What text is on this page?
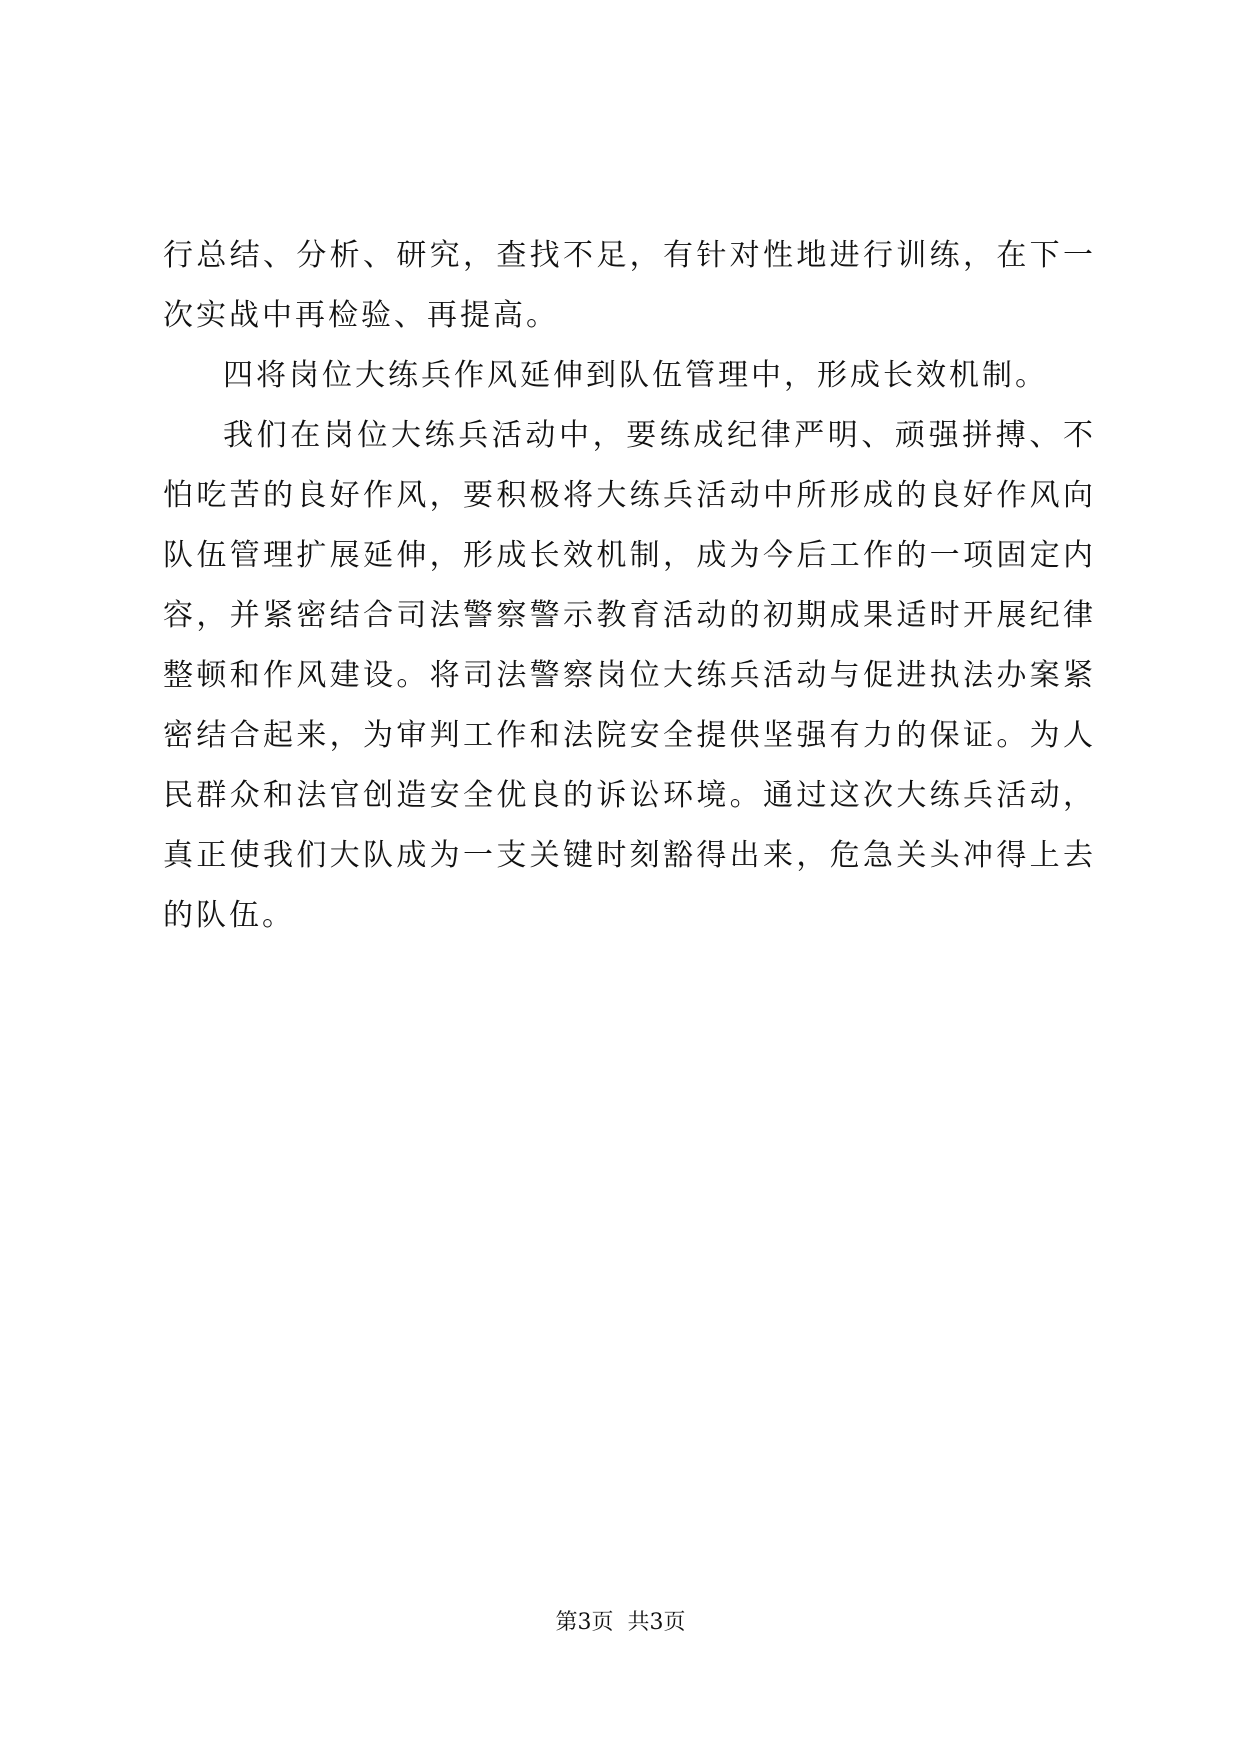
行总结、分析、研究，查找不足，有针对性地进行训练，在下一
次实战中再检验、再提高。
四将岗位大练兵作风延伸到队伍管理中，形成长效机制。
我们在岗位大练兵活动中，要练成纪律严明、顽强拼搏、不
怕吃苦的良好作风，要积极将大练兵活动中所形成的良好作风向
队伍管理扩展延伸，形成长效机制，成为今后工作的一项固定内
容，并紧密结合司法警察警示教育活动的初期成果适时开展纪律
整顿和作风建设。将司法警察岗位大练兵活动与促进执法办案紧
密结合起来，为审判工作和法院安全提供坚强有力的保证。为人
民群众和法官创造安全优良的诉讼环境。通过这次大练兵活动，
真正使我们大队成为一支关键时刻豁得出来，危急关头冲得上去
的队伍。
第3页 共3页
